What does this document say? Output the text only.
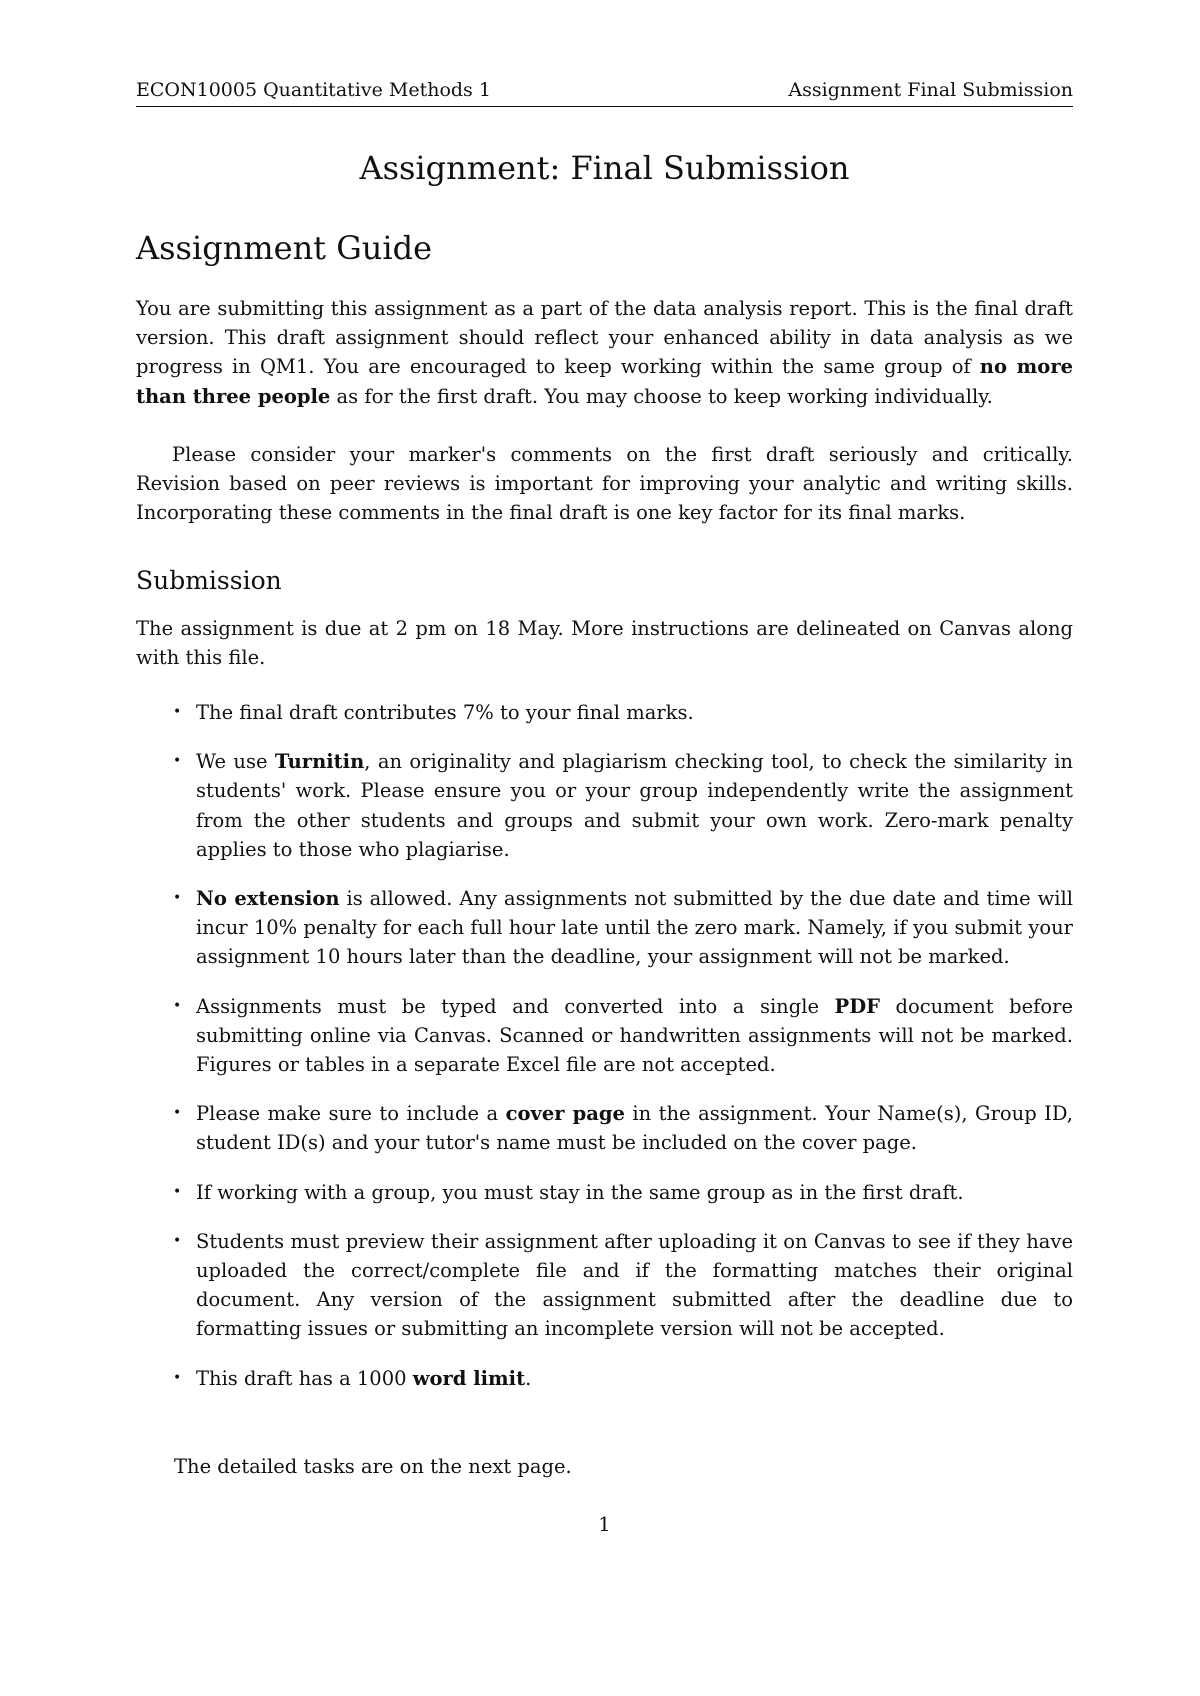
ECON10005 Quantitative Methods 1	Assignment Final Submission
Assignment: Final Submission
Assignment Guide

You are submitting this assignment as a part of the data analysis report. This is the final draft version. This draft assignment should reflect your enhanced ability in data analysis as we progress in QM1. You are encouraged to keep working within the same group of no more than three people as for the first draft. You may choose to keep working individually.

Please consider your marker's comments on the first draft seriously and critically. Revision based on peer reviews is important for improving your analytic and writing skills. Incorporating these comments in the final draft is one key factor for its final marks.

Submission

The assignment is due at 2 pm on 18 May. More instructions are delineated on Canvas along with this file.

• The final draft contributes 7% to your final marks.
• We use Turnitin, an originality and plagiarism checking tool, to check the similarity in students' work. Please ensure you or your group independently write the assignment from the other students and groups and submit your own work. Zero-mark penalty applies to those who plagiarise.
• No extension is allowed. Any assignments not submitted by the due date and time will incur 10% penalty for each full hour late until the zero mark. Namely, if you submit your assignment 10 hours later than the deadline, your assignment will not be marked.
• Assignments must be typed and converted into a single PDF document before submitting online via Canvas. Scanned or handwritten assignments will not be marked. Figures or tables in a separate Excel file are not accepted.
• Please make sure to include a cover page in the assignment. Your Name(s), Group ID, student ID(s) and your tutor's name must be included on the cover page.
• If working with a group, you must stay in the same group as in the first draft.
• Students must preview their assignment after uploading it on Canvas to see if they have uploaded the correct/complete file and if the formatting matches their original document. Any version of the assignment submitted after the deadline due to formatting issues or submitting an incomplete version will not be accepted.
• This draft has a 1000 word limit.

The detailed tasks are on the next page.

1
